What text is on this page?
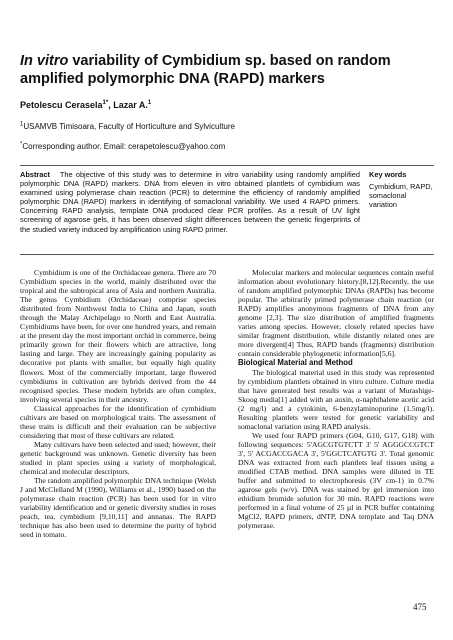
In vitro variability of Cymbidium sp. based on random amplified polymorphic DNA (RAPD) markers
Petolescu Cerasela$^{1*}$, Lazar A.$^1$
$^1$USAMVB Timisoara, Faculty of Horticulture and Sylviculture
*Corresponding author. Email: cerapetolescu@yahoo.com
Abstract The objective of this study was to determine in vitro variability using randomly amplified polymorphic DNA (RAPD) markers. DNA from eleven in vitro obtained plantlets of cymbidium was examined using polymerase chain reaction (PCR) to determine the efficiency of randomly amplified polymorphic DNA (RAPD) markers in identifying of somaclonal variability. We used 4 RAPD primers. Concerning RAPD analysis, template DNA produced clear PCR profiles. As a result of UV light screening of agarose gels, it has been observed slight differences between the genetic fingerprints of the studied variety induced by amplification using RAPD primer.
Key words
Cymbidium, RAPD, somaclonal variation

Cymbidium is one of the Orchidaceae genera. There are 70 Cymbidium species in the world, mainly distributed over the tropical and the subtropical area of Asia and northern Australia. The genus Cymbidium (Orchidaceae) comprise species distributed from Northwest India to China and Japan, south through the Malay Archipelago to North and East Australia. Cymbidiums have been, for over one hundred years, and remain at the present day the most important orchid in commerce, being primarily grown for their flowers which are attractive, long lasting and large. They are increasingly gaining popularity as decorative pot plants with smaller, but equally high quality flowers. Most of the commercially important, large flowered cymbidiums in cultivation are hybrids derived from the 44 recognised species. These modern hybrids are often complex, involving several species in their ancestry.

Classical approaches for the identification of cymbidium cultivars are based on morphological traits. The assessment of these traits is difficult and their evaluation can be subjective considering that most of these cultivars are related.

Many cultivars have been selected and used; however, their genetic background was unknown. Genetic diversity has been studied in plant species using a variety of morphological, chemical and molecular descriptors.

The random amplified polymorphic DNA technique (Welsh J and McClelland M (1990), Williams et al., 1990) based on the polymerase chain reaction (PCR) has been used for in vitro variability identification and or genetic diversity studies in roses peach, tea, cymbidium [9,10,11] and annanas. The RAPD technique has also been used to determine the purity of hybrid seed in tomato.

Molecular markers and molecular sequences contain useful information about evolutionary history.[8,12].Recently, the use of random amplified polymorphic DNAs (RAPDs) has become popular. The arbitrarily primed polymerase chain reaction (or RAPD) amplifies anonymous fragments of DNA from any genome [2,3]. The size distribution of amplified fragments varies among species. However, closely related species have similar fragment distribution, while distantly related ones are more divergent[4] Thus, RAPD bands (fragments) distribution contain considerable phylogenetic information[5,6].

Biological Material and Method

The biological material used in this study was represented by cymbidium plantlets obtained in vitro culture. Culture media that have generated best results was a variant of Murashige-Skoog media[1] added with an auxin, α-naphthalene acetic acid (2 mg/l) and a cytokinin, 6-benzylaminopurine (1.5mg/l). Resulting plantlets were tested for genetic variability and somaclonal variation using RAPD analysis.

We used four RAPD primers (G04, G10, G17, G18) with following sequences: 5'AGCGTGTCTT 3' 5' AGGGCCGTCT 3', 5' ACGACCGACA 3', 5'GGCTCATGTG 3'. Total genomic DNA was extracted from each plantlets leaf tissues using a modified CTAB method. DNA samples were diluted in TE buffer and submitted to electrophoresis (3V cm-1) in 0.7% agarose gels (w/v). DNA was stained by gel immersion into ethidium bromide solution for 30 min. RAPD reactions were performed in a final volume of 25 µl in PCR buffer containing MgCl2, RAPD primers, dNTP, DNA template and Taq DNA polymerase.

475
